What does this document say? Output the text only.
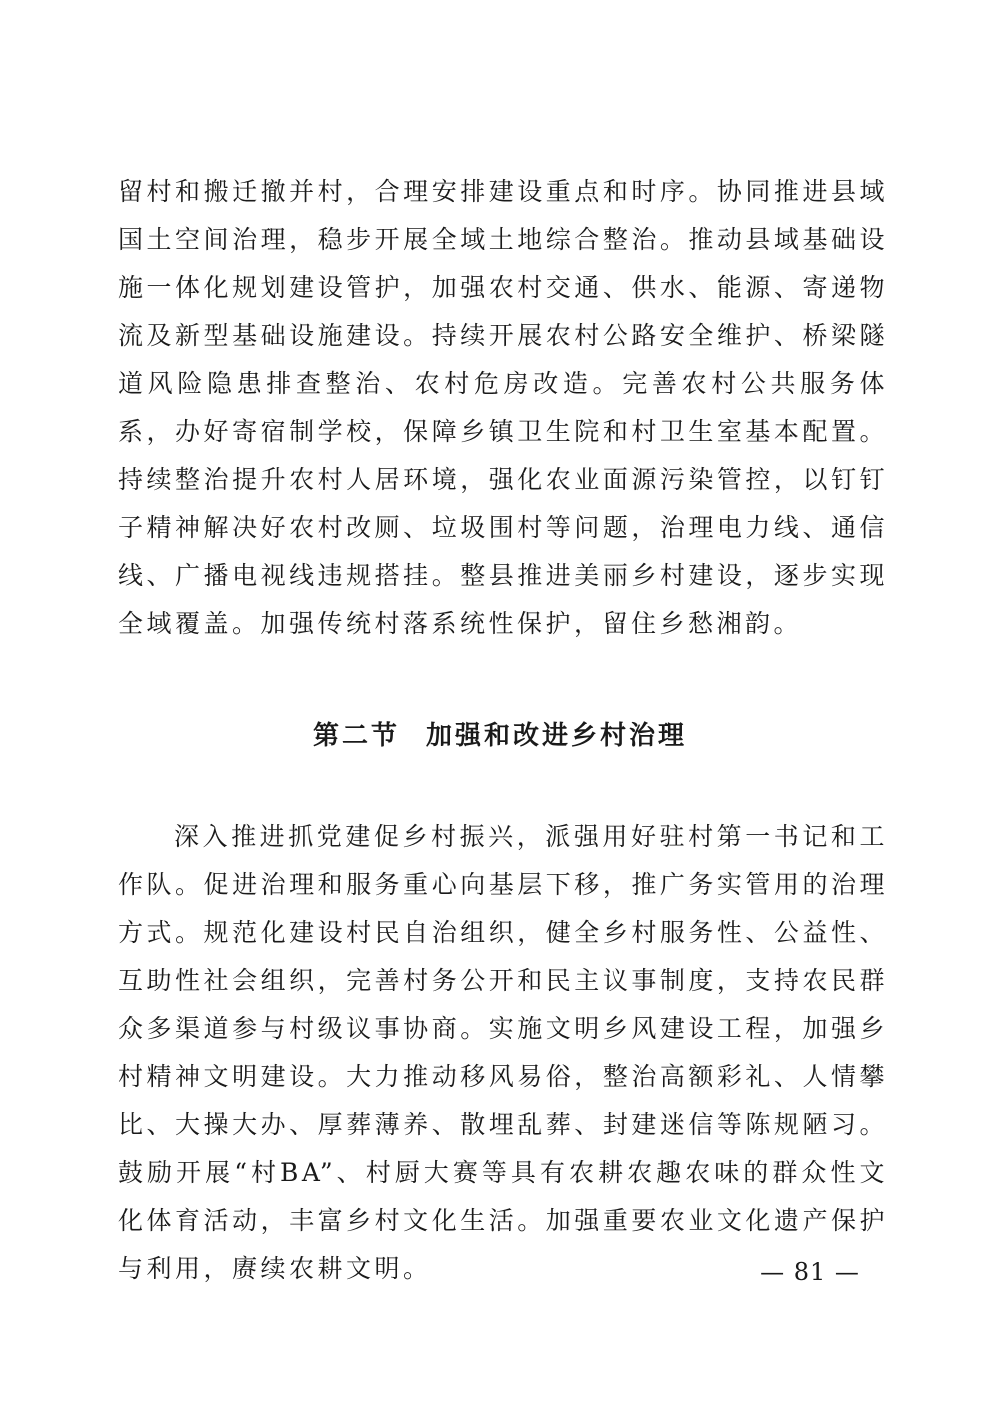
留村和搬迁撤并村，合理安排建设重点和时序。协同推进县域国土空间治理，稳步开展全域土地综合整治。推动县域基础设施一体化规划建设管护，加强农村交通、供水、能源、寄递物流及新型基础设施建设。持续开展农村公路安全维护、桥梁隧道风险隐患排查整治、农村危房改造。完善农村公共服务体系，办好寄宿制学校，保障乡镇卫生院和村卫生室基本配置。持续整治提升农村人居环境，强化农业面源污染管控，以钉钉子精神解决好农村改厕、垃圾围村等问题，治理电力线、通信线、广播电视线违规搭挂。整县推进美丽乡村建设，逐步实现全域覆盖。加强传统村落系统性保护，留住乡愁湘韵。

第二节 加强和改进乡村治理

深入推进抓党建促乡村振兴，派强用好驻村第一书记和工作队。促进治理和服务重心向基层下移，推广务实管用的治理方式。规范化建设村民自治组织，健全乡村服务性、公益性、互助性社会组织，完善村务公开和民主议事制度，支持农民群众多渠道参与村级议事协商。实施文明乡风建设工程，加强乡村精神文明建设。大力推动移风易俗，整治高额彩礼、人情攀比、大操大办、厚葬薄养、散埋乱葬、封建迷信等陈规陋习。鼓励开展“村BA”、村厨大赛等具有农耕农趣农味的群众性文化体育活动，丰富乡村文化生活。加强重要农业文化遗产保护与利用，赓续农耕文明。	— 81 —
